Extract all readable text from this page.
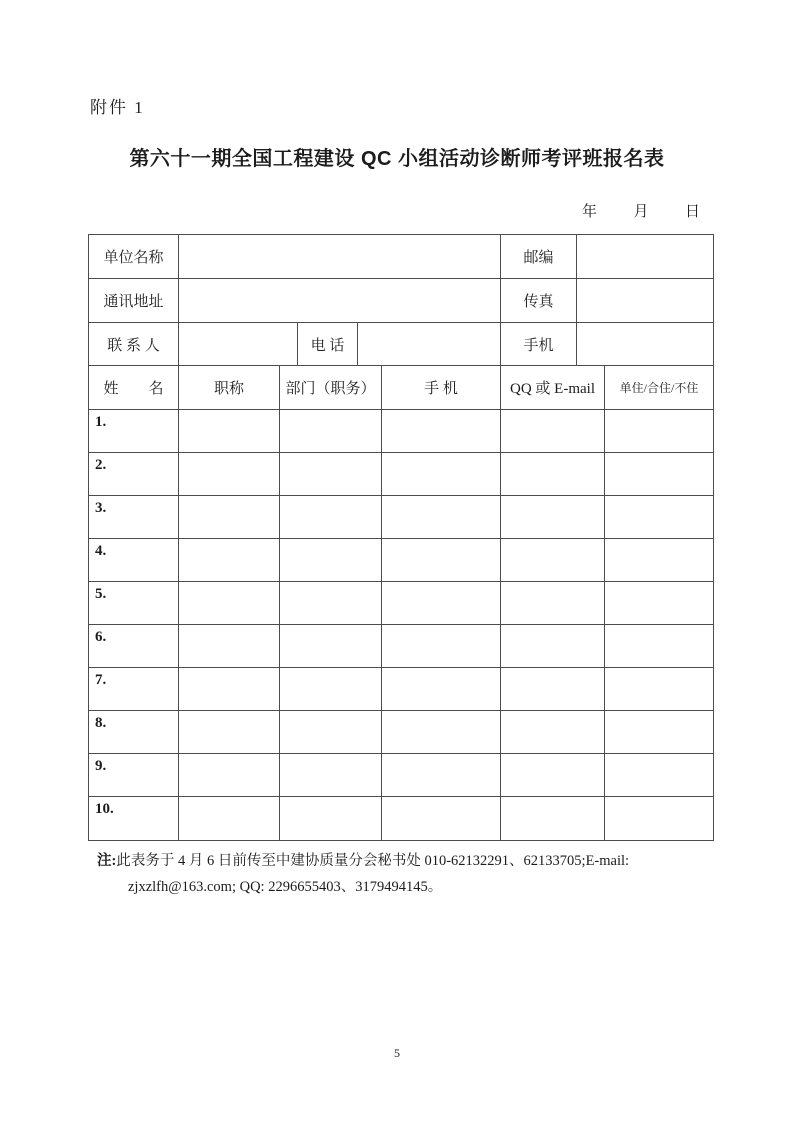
附件 1
第六十一期全国工程建设 QC 小组活动诊断师考评班报名表
年 月 日
单位名称	邮编
通讯地址	传真
联 系 人	电 话	手机
姓　　名	职称	部门（职务）	手 机	QQ 或 E-mail	单住/合住/不住
1.
2.
3.
4.
5.
6.
7.
8.
9.
10.
注:此表务于 4 月 6 日前传至中建协质量分会秘书处 010-62132291、62133705;E-mail:
zjxzlfh@163.com; QQ: 2296655403、3179494145。
5
